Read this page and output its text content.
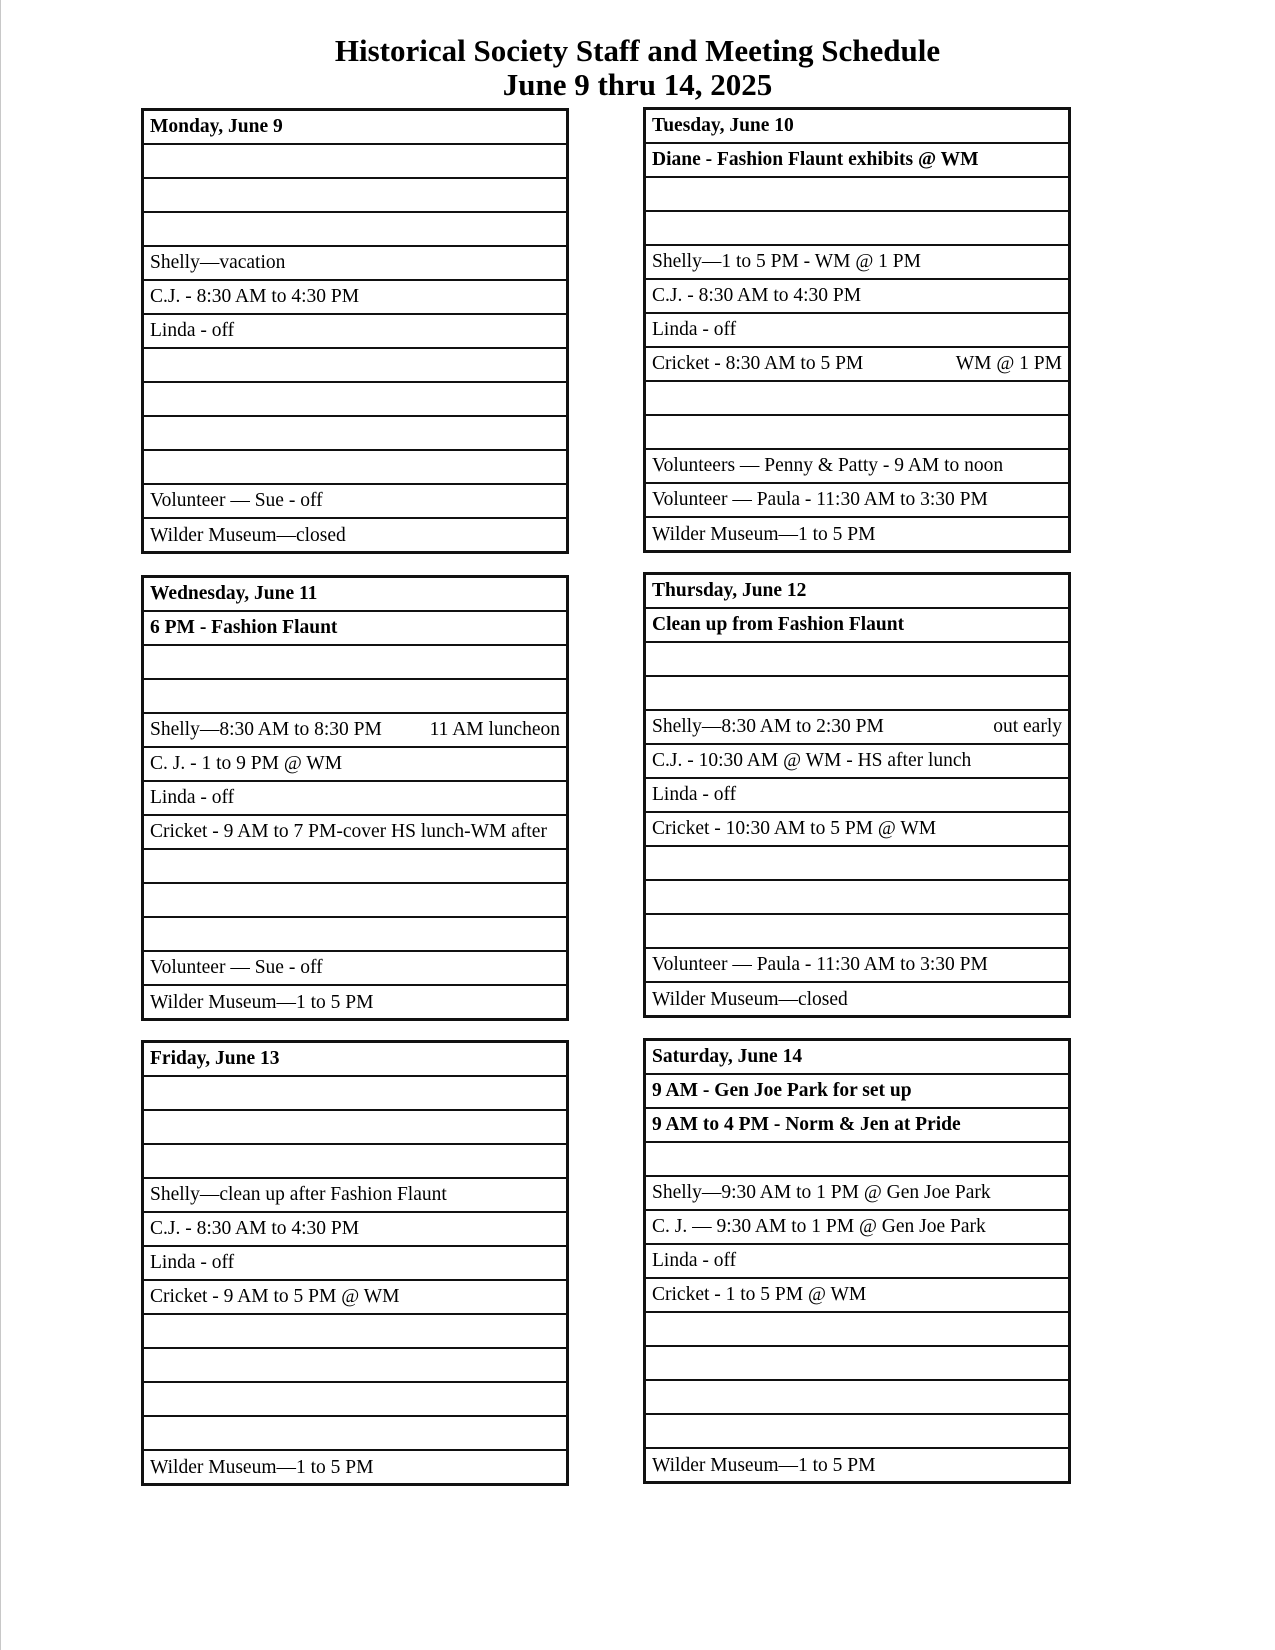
Historical Society Staff and Meeting Schedule
June 9 thru 14, 2025
Monday, June 9
Shelly—vacation
C.J. - 8:30 AM to 4:30 PM
Linda - off
Volunteer — Sue - off
Wilder Museum—closed
Tuesday, June 10
Diane - Fashion Flaunt exhibits @ WM
Shelly—1 to 5 PM - WM @ 1 PM
C.J. - 8:30 AM to 4:30 PM
Linda - off
Cricket - 8:30 AM to 5 PM	WM @ 1 PM
Volunteers — Penny & Patty - 9 AM to noon
Volunteer — Paula - 11:30 AM to 3:30 PM
Wilder Museum—1 to 5 PM
Wednesday, June 11
6 PM - Fashion Flaunt
Shelly—8:30 AM to 8:30 PM	11 AM luncheon
C. J. - 1 to 9 PM @ WM
Linda - off
Cricket - 9 AM to 7 PM-cover HS lunch-WM after
Volunteer — Sue - off
Wilder Museum—1 to 5 PM
Thursday, June 12
Clean up from Fashion Flaunt
Shelly—8:30 AM to 2:30 PM	out early
C.J. - 10:30 AM @ WM - HS after lunch
Linda - off
Cricket - 10:30 AM to 5 PM @ WM
Volunteer — Paula - 11:30 AM to 3:30 PM
Wilder Museum—closed
Friday, June 13
Shelly—clean up after Fashion Flaunt
C.J. - 8:30 AM to 4:30 PM
Linda - off
Cricket - 9 AM to 5 PM @ WM
Wilder Museum—1 to 5 PM
Saturday, June 14
9 AM - Gen Joe Park for set up
9 AM to 4 PM - Norm & Jen at Pride
Shelly—9:30 AM to 1 PM @ Gen Joe Park
C. J. — 9:30 AM to 1 PM @ Gen Joe Park
Linda - off
Cricket - 1 to 5 PM @ WM
Wilder Museum—1 to 5 PM
